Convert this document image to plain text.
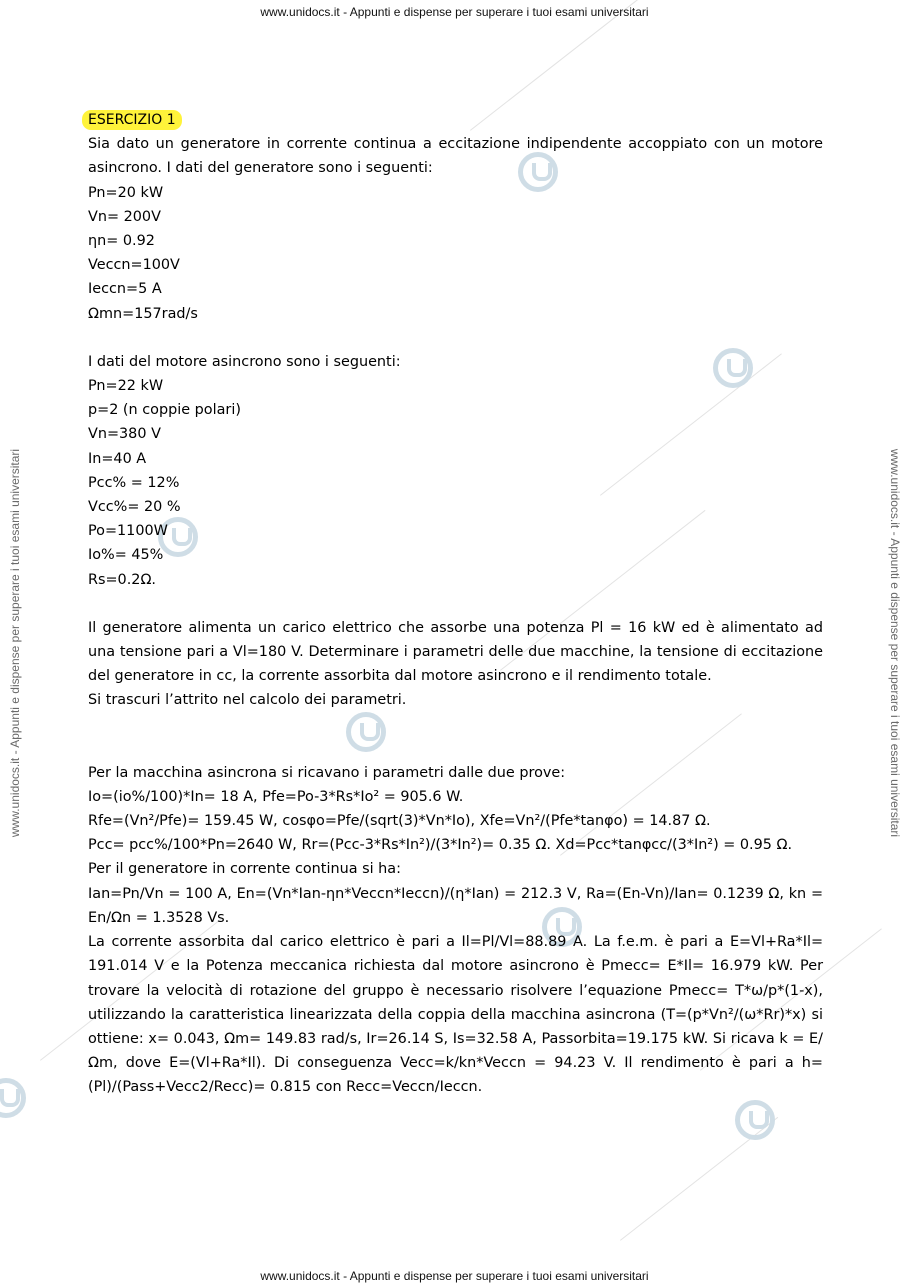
www.unidocs.it - Appunti e dispense per superare i tuoi esami universitari
www.unidocs.it - Appunti e dispense per superare i tuoi esami universitari
www.unidocs.it - Appunti e dispense per superare i tuoi esami universitari	www.unidocs.it - Appunti e dispense per superare i tuoi esami universitari

ESERCIZIO 1

Sia dato un generatore in corrente continua a eccitazione indipendente accoppiato con un motore asincrono. I dati del generatore sono i seguenti:

Pn=20 kW

Vn= 200V

ηn= 0.92

Veccn=100V

Ieccn=5 A

Ωmn=157rad/s

I dati del motore asincrono sono i seguenti:

Pn=22 kW

p=2 (n coppie polari)

Vn=380 V

In=40 A

Pcc% = 12%

Vcc%= 20 %

Po=1100W

Io%= 45%

Rs=0.2Ω.

Il generatore alimenta un carico elettrico che assorbe una potenza Pl = 16 kW ed è alimentato ad una tensione pari a Vl=180 V. Determinare i parametri delle due macchine, la tensione di eccitazione del generatore in cc, la corrente assorbita dal motore asincrono e il rendimento totale.

Si trascuri l’attrito nel calcolo dei parametri.

Per la macchina asincrona si ricavano i parametri dalle due prove:

Io=(io%/100)*In= 18 A, Pfe=Po-3*Rs*Io² = 905.6 W.

Rfe=(Vn²/Pfe)= 159.45 W, cosφo=Pfe/(sqrt(3)*Vn*Io), Xfe=Vn²/(Pfe*tanφo) = 14.87 Ω.

Pcc= pcc%/100*Pn=2640 W, Rr=(Pcc-3*Rs*In²)/(3*In²)= 0.35 Ω. Xd=Pcc*tanφcc/(3*In²) = 0.95 Ω.

Per il generatore in corrente continua si ha:

Ian=Pn/Vn = 100 A, En=(Vn*Ian-ηn*Veccn*Ieccn)/(η*Ian) = 212.3 V, Ra=(En-Vn)/Ian= 0.1239 Ω, kn = En/Ωn = 1.3528 Vs.

La corrente assorbita dal carico elettrico è pari a Il=Pl/Vl=88.89 A. La f.e.m. è pari a E=Vl+Ra*Il= 191.014 V e la Potenza meccanica richiesta dal motore asincrono è Pmecc= E*Il= 16.979 kW. Per trovare la velocità di rotazione del gruppo è necessario risolvere l’equazione Pmecc= T*ω/p*(1-x), utilizzando la caratteristica linearizzata della coppia della macchina asincrona (T=(p*Vn²/(ω*Rr)*x) si ottiene: x= 0.043, Ωm= 149.83 rad/s, Ir=26.14 S, Is=32.58 A, Passorbita=19.175 kW. Si ricava k = E/Ωm, dove E=(Vl+Ra*Il). Di conseguenza Vecc=k/kn*Veccn = 94.23 V. Il rendimento è pari a h=(Pl)/(Pass+Vecc2/Recc)= 0.815 con Recc=Veccn/Ieccn.
